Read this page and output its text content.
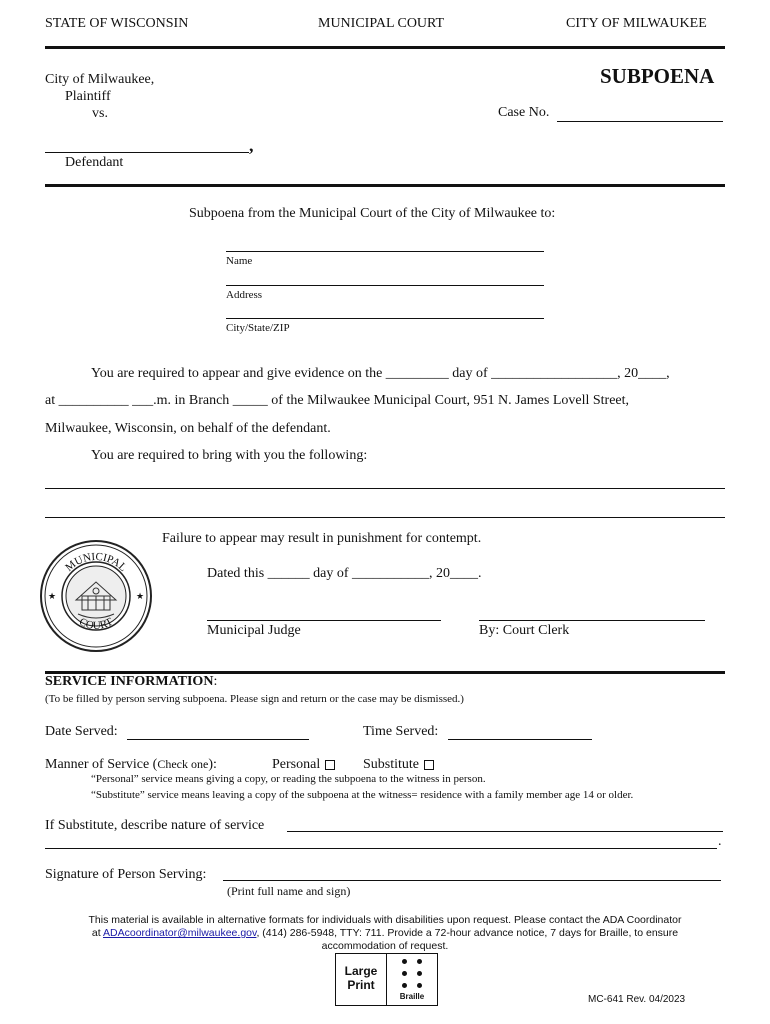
STATE OF WISCONSIN	MUNICIPAL COURT	CITY OF MILWAUKEE
City of Milwaukee,
Plaintiff
vs.
SUBPOENA
Case No.
,
Defendant
Subpoena from the Municipal Court of the City of Milwaukee to:
Name
Address
City/State/ZIP
You are required to appear and give evidence on the _________ day of __________________, 20____,
at __________ ___.m. in Branch _____ of the Milwaukee Municipal Court, 951 N. James Lovell Street,
Milwaukee, Wisconsin, on behalf of the defendant.
You are required to bring with you the following:
MUNICIPAL
COURT
★	★
Failure to appear may result in punishment for contempt.
Dated this ______ day of ___________, 20____.
Municipal Judge	By: Court Clerk
SERVICE INFORMATION:
(To be filled by person serving subpoena. Please sign and return or the case may be dismissed.)
Date Served:	Time Served:
Manner of Service (Check one):	Personal	Substitute
“Personal” service means giving a copy, or reading the subpoena to the witness in person.
“Substitute” service means leaving a copy of the subpoena at the witness= residence with a family member age 14 or older.
If Substitute, describe nature of service
.
Signature of Person Serving:
(Print full name and sign)
This material is available in alternative formats for individuals with disabilities upon request. Please contact the ADA Coordinator
at ADAcoordinator@milwaukee.gov, (414) 286-5948, TTY: 711. Provide a 72-hour advance notice, 7 days for Braille, to ensure
accommodation of request.
Large
Print
Braille	MC-641 Rev. 04/2023
